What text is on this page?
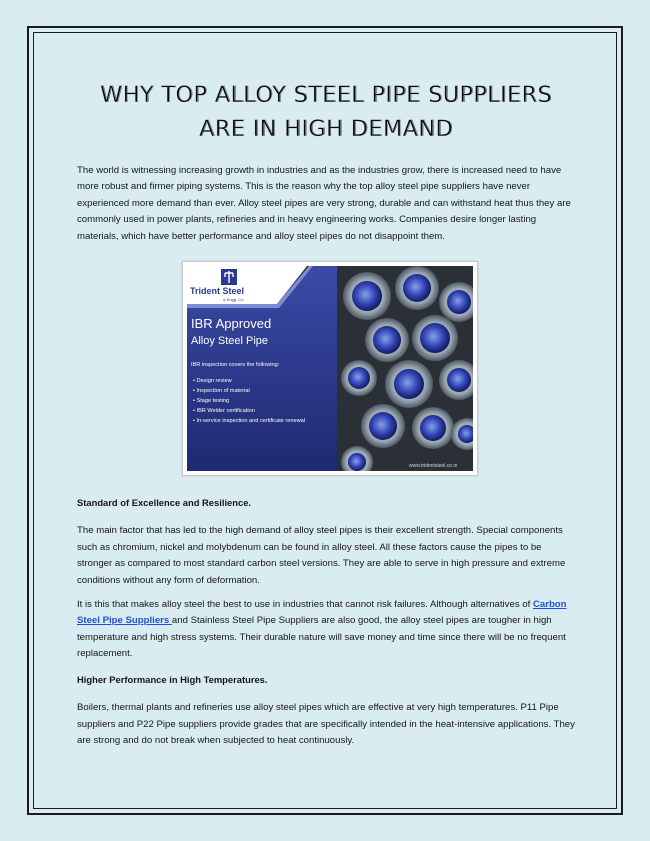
WHY TOP ALLOY STEEL PIPE SUPPLIERS
ARE IN HIGH DEMAND

The world is witnessing increasing growth in industries and as the industries grow, there is increased need to have more robust and firmer piping systems. This is the reason why the top alloy steel pipe suppliers have never experienced more demand than ever. Alloy steel pipes are very strong, durable and can withstand heat thus they are commonly used in power plants, refineries and in heavy engineering works. Companies desire longer lasting materials, which have better performance and alloy steel pipes do not disappoint them.

Trident Steel
& Engg. Co.
IBR Approved
Alloy Steel Pipe
IBR inspection covers the following:
• Design review
• Inspection of material
• Stage testing
• IBR Welder certification
• In-service inspection and certificate renewal
www.tridentsteel.co.in

Standard of Excellence and Resilience.

The main factor that has led to the high demand of alloy steel pipes is their excellent strength. Special components such as chromium, nickel and molybdenum can be found in alloy steel. All these factors cause the pipes to be stronger as compared to most standard carbon steel versions. They are able to serve in high pressure and extreme conditions without any form of deformation.

It is this that makes alloy steel the best to use in industries that cannot risk failures. Although alternatives of Carbon Steel Pipe Suppliers and Stainless Steel Pipe Suppliers are also good, the alloy steel pipes are tougher in high temperature and high stress systems. Their durable nature will save money and time since there will be no frequent replacement.

Higher Performance in High Temperatures.

Boilers, thermal plants and refineries use alloy steel pipes which are effective at very high temperatures. P11 Pipe suppliers and P22 Pipe suppliers provide grades that are specifically intended in the heat-intensive applications. They are strong and do not break when subjected to heat continuously.
